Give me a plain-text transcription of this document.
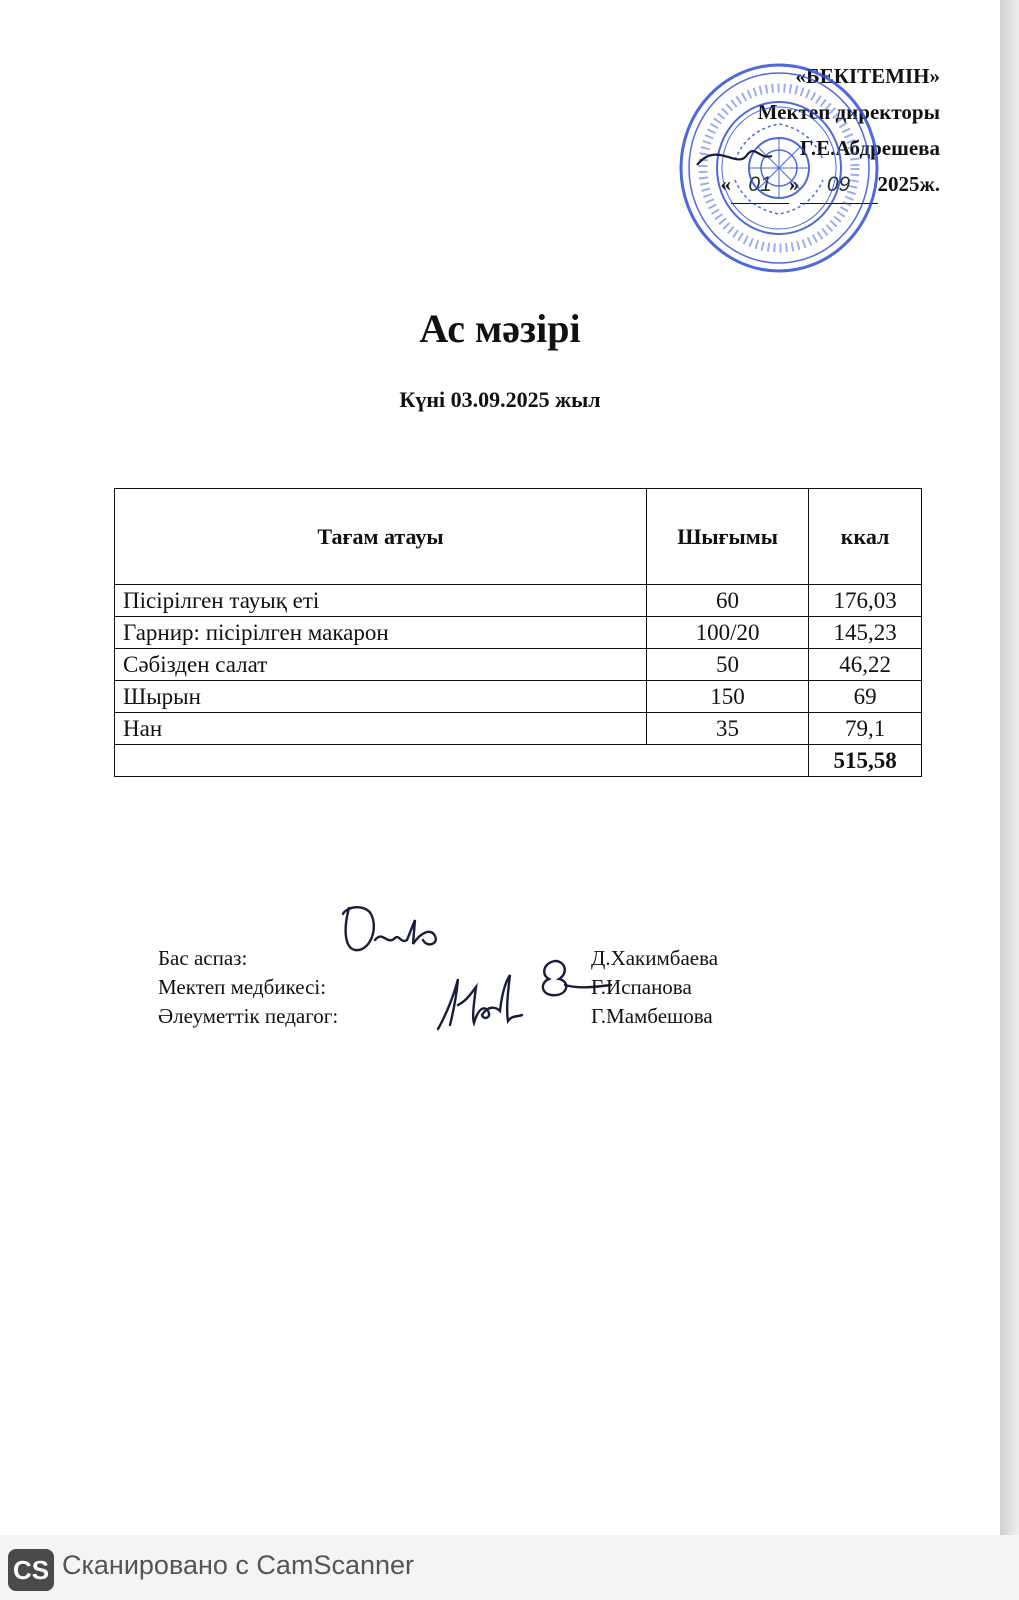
«БЕКІТЕМІН»
Мектеп директоры
Г.Е.Абдрешева
« 01 » 09 2025ж.
Ас мәзірі
Күні 03.09.2025 жыл
Тағам атауы	Шығымы	ккал
Пісірілген тауық еті	60	176,03
Гарнир: пісірілген макарон	100/20	145,23
Сәбізден салат	50	46,22
Шырын	150	69
Нан	35	79,1
		515,58
Бас аспаз:	Д.Хакимбаева
Мектеп медбикесі:	Г.Испанова
Әлеуметтік педагог:	Г.Мамбешова
CS Сканировано с CamScanner
